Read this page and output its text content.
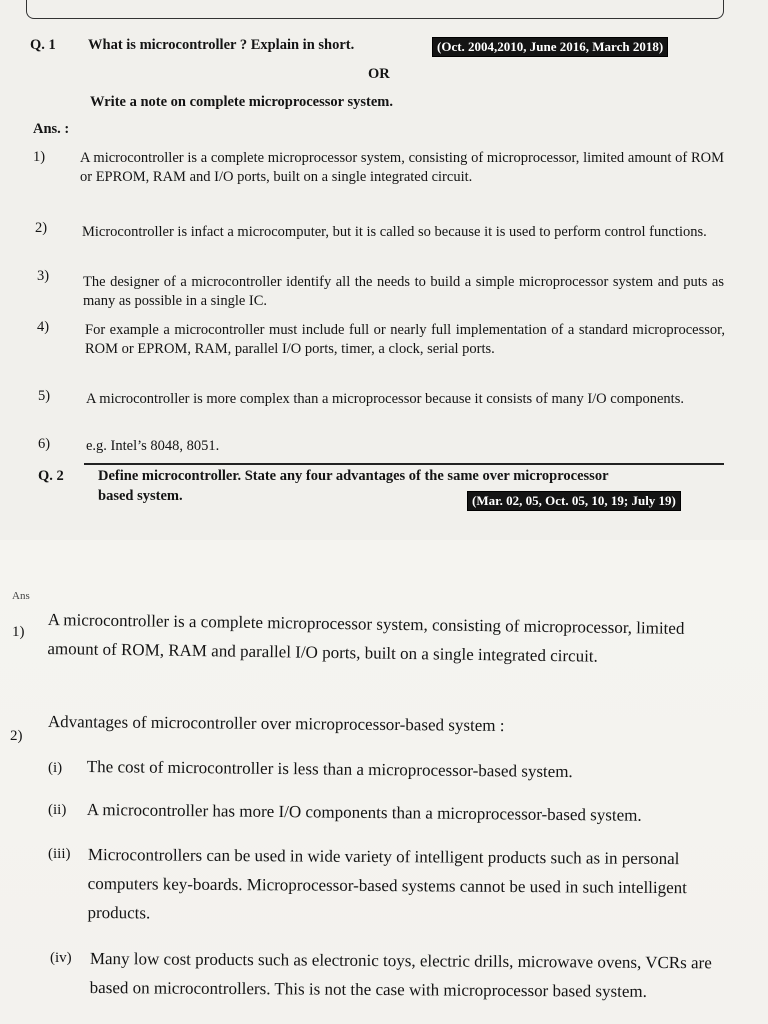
Q. 1 What is microcontroller ? Explain in short.	(Oct. 2004,2010, June 2016, March 2018)
OR
Write a note on complete microprocessor system.
Ans. :
1) A microcontroller is a complete microprocessor system, consisting of microprocessor, limited amount of ROM or EPROM, RAM and I/O ports, built on a single integrated circuit.
2) Microcontroller is infact a microcomputer, but it is called so because it is used to perform control functions.
3) The designer of a microcontroller identify all the needs to build a simple microprocessor system and puts as many as possible in a single IC.
4) For example a microcontroller must include full or nearly full implementation of a standard microprocessor, ROM or EPROM, RAM, parallel I/O ports, timer, a clock, serial ports.
5) A microcontroller is more complex than a microprocessor because it consists of many I/O components.
6) e.g. Intel’s 8048, 8051.
Q. 2 Define microcontroller. State any four advantages of the same over microprocessor
based system.	(Mar. 02, 05, Oct. 05, 10, 19; July 19)
Ans
1) A microcontroller is a complete microprocessor system, consisting of microprocessor, limited amount of ROM, RAM and parallel I/O ports, built on a single integrated circuit.
2)
Advantages of microcontroller over microprocessor-based system :
(i) The cost of microcontroller is less than a microprocessor-based system.
(ii) A microcontroller has more I/O components than a microprocessor-based system.
(iii) Microcontrollers can be used in wide variety of intelligent products such as in personal computers key-boards. Microprocessor-based systems cannot be used in such intelligent products.
(iv) Many low cost products such as electronic toys, electric drills, microwave ovens, VCRs are based on microcontrollers. This is not the case with microprocessor based system.
